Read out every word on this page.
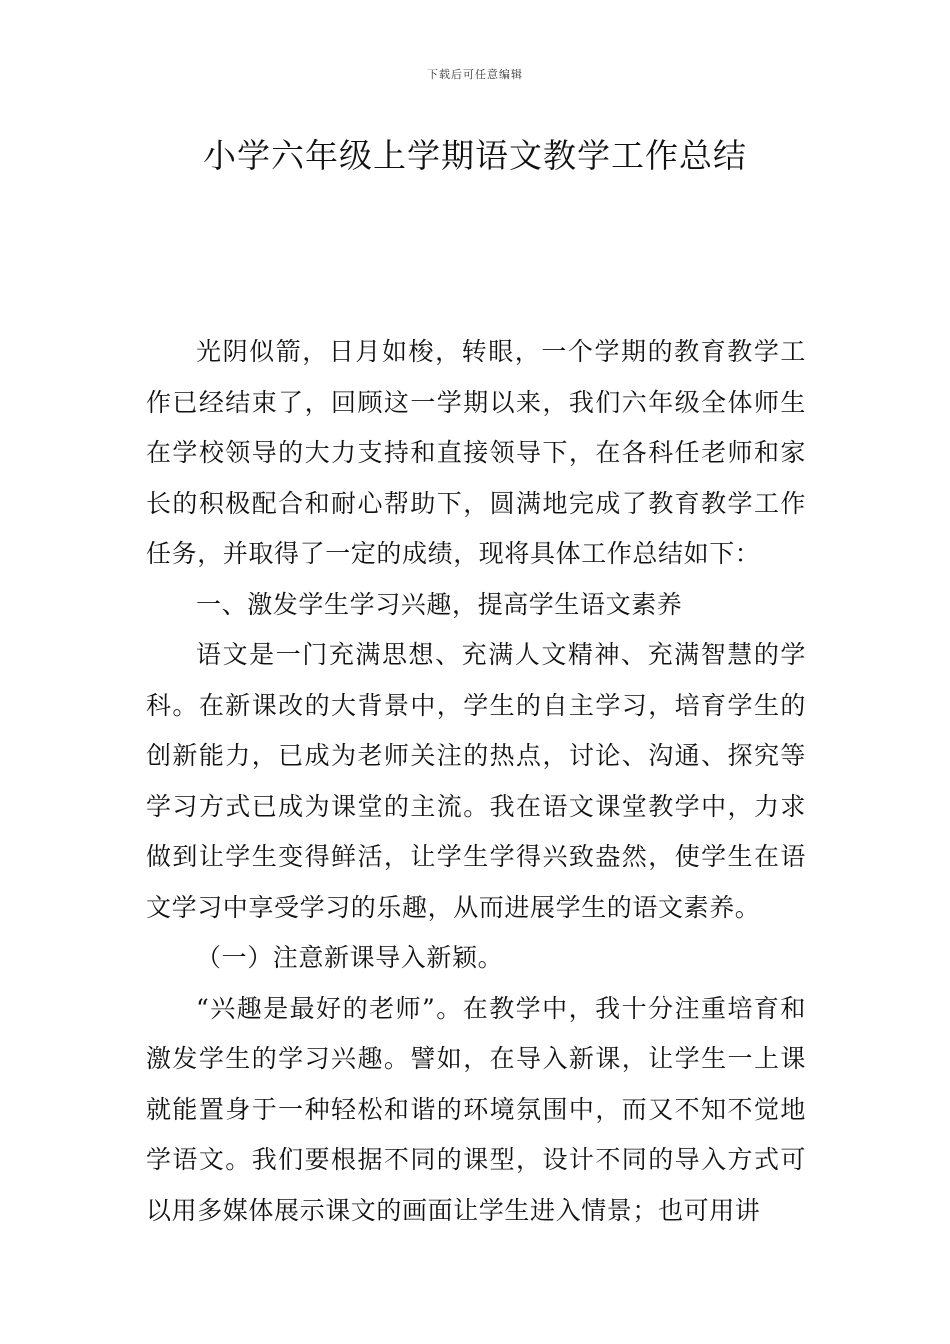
下载后可任意编辑
小学六年级上学期语文教学工作总结

光阴似箭，日月如梭，转眼，一个学期的教育教学工作已经结束了，回顾这一学期以来，我们六年级全体师生在学校领导的大力支持和直接领导下，在各科任老师和家长的积极配合和耐心帮助下，圆满地完成了教育教学工作任务，并取得了一定的成绩，现将具体工作总结如下：

一、激发学生学习兴趣，提高学生语文素养

语文是一门充满思想、充满人文精神、充满智慧的学科。在新课改的大背景中，学生的自主学习，培育学生的创新能力，已成为老师关注的热点，讨论、沟通、探究等学习方式已成为课堂的主流。我在语文课堂教学中，力求做到让学生变得鲜活，让学生学得兴致盎然，使学生在语文学习中享受学习的乐趣，从而进展学生的语文素养。

（一）注意新课导入新颖。

“兴趣是最好的老师”。在教学中，我十分注重培育和激发学生的学习兴趣。譬如，在导入新课，让学生一上课就能置身于一种轻松和谐的环境氛围中，而又不知不觉地学语文。我们要根据不同的课型，设计不同的导入方式可以用多媒体展示课文的画面让学生进入情景；也可用讲
